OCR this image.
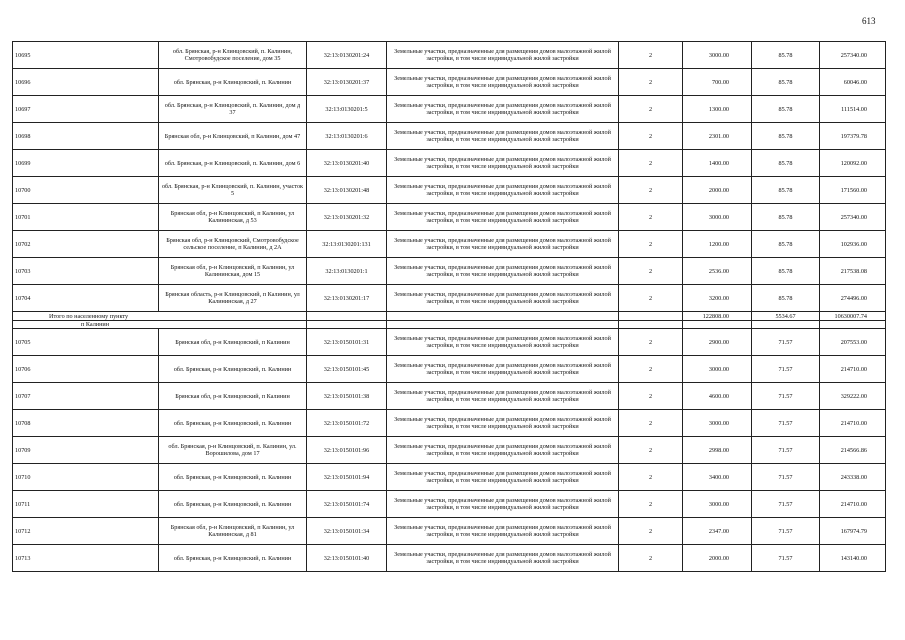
613
10695	обл. Брянская, р-н Клинцовский, п. Калинин, Смотровобудское поселение, дом 35	32:13:0130201:24	Земельные участки, предназначенные для размещения домов малоэтажной жилой застройки, в том числе индивидуальной жилой застройки	2	3000.00	85.78	257340.00
10696	обл. Брянская, р-н Клинцовский, п. Калинин	32:13:0130201:37	Земельные участки, предназначенные для размещения домов малоэтажной жилой застройки, в том числе индивидуальной жилой застройки	2	700.00	85.78	60046.00
10697	обл. Брянская, р-н Клинцовский, п. Калинин, дом д 37	32:13:0130201:5	Земельные участки, предназначенные для размещения домов малоэтажной жилой застройки, в том числе индивидуальной жилой застройки	2	1300.00	85.78	111514.00
10698	Брянская обл, р-н Клинцовский, п Калинин, дом 47	32:13:0130201:6	Земельные участки, предназначенные для размещения домов малоэтажной жилой застройки, в том числе индивидуальной жилой застройки	2	2301.00	85.78	197379.78
10699	обл. Брянская, р-н Клинцовский, п. Калинин, дом 6	32:13:0130201:40	Земельные участки, предназначенные для размещения домов малоэтажной жилой застройки, в том числе индивидуальной жилой застройки	2	1400.00	85.78	120092.00
10700	обл. Брянская, р-н Клинцовский, п. Калинин, участок 5	32:13:0130201:48	Земельные участки, предназначенные для размещения домов малоэтажной жилой застройки, в том числе индивидуальной жилой застройки	2	2000.00	85.78	171560.00
10701	Брянская обл, р-н Клинцовский, п Калинин, ул Калининская, д 53	32:13:0130201:32	Земельные участки, предназначенные для размещения домов малоэтажной жилой застройки, в том числе индивидуальной жилой застройки	2	3000.00	85.78	257340.00
10702	Брянская обл, р-н Клинцовский, Смотровобудское сельское поселение, п Калинин, д 2А	32:13:0130201:131	Земельные участки, предназначенные для размещения домов малоэтажной жилой застройки, в том числе индивидуальной жилой застройки	2	1200.00	85.78	102936.00
10703	Брянская обл, р-н Клинцовский, п Калинин, ул Калининская, дом 15	32:13:0130201:1	Земельные участки, предназначенные для размещения домов малоэтажной жилой застройки, в том числе индивидуальной жилой застройки	2	2536.00	85.78	217538.08
10704	Брянская область, р-н Клинцовский, п Калинин, ул Калининская, д 27	32:13:0130201:17	Земельные участки, предназначенные для размещения домов малоэтажной жилой застройки, в том числе индивидуальной жилой застройки	2	3200.00	85.78	274496.00
Итого по населенному пункту					122808.00	5534.67	10630007.74
п Калинин							
10705	Брянская обл, р-н Клинцовский, п Калинин	32:13:0150101:31	Земельные участки, предназначенные для размещения домов малоэтажной жилой застройки, в том числе индивидуальной жилой застройки	2	2900.00	71.57	207553.00
10706	обл. Брянская, р-н Клинцовский, п. Калинин	32:13:0150101:45	Земельные участки, предназначенные для размещения домов малоэтажной жилой застройки, в том числе индивидуальной жилой застройки	2	3000.00	71.57	214710.00
10707	Брянская обл, р-н Клинцовский, п Калинин	32:13:0150101:38	Земельные участки, предназначенные для размещения домов малоэтажной жилой застройки, в том числе индивидуальной жилой застройки	2	4600.00	71.57	329222.00
10708	обл. Брянская, р-н Клинцовский, п. Калинин	32:13:0150101:72	Земельные участки, предназначенные для размещения домов малоэтажной жилой застройки, в том числе индивидуальной жилой застройки	2	3000.00	71.57	214710.00
10709	обл. Брянская, р-н Клинцовский, п. Калинин, ул. Ворошилова, дом 17	32:13:0150101:96	Земельные участки, предназначенные для размещения домов малоэтажной жилой застройки, в том числе индивидуальной жилой застройки	2	2998.00	71.57	214566.86
10710	обл. Брянская, р-н Клинцовский, п. Калинин	32:13:0150101:94	Земельные участки, предназначенные для размещения домов малоэтажной жилой застройки, в том числе индивидуальной жилой застройки	2	3400.00	71.57	243338.00
10711	обл. Брянская, р-н Клинцовский, п. Калинин	32:13:0150101:74	Земельные участки, предназначенные для размещения домов малоэтажной жилой застройки, в том числе индивидуальной жилой застройки	2	3000.00	71.57	214710.00
10712	Брянская обл, р-н Клинцовский, п Калинин, ул Калининская, д 81	32:13:0150101:34	Земельные участки, предназначенные для размещения домов малоэтажной жилой застройки, в том числе индивидуальной жилой застройки	2	2347.00	71.57	167974.79
10713	обл. Брянская, р-н Клинцовский, п. Калинин	32:13:0150101:40	Земельные участки, предназначенные для размещения домов малоэтажной жилой застройки, в том числе индивидуальной жилой застройки	2	2000.00	71.57	143140.00
